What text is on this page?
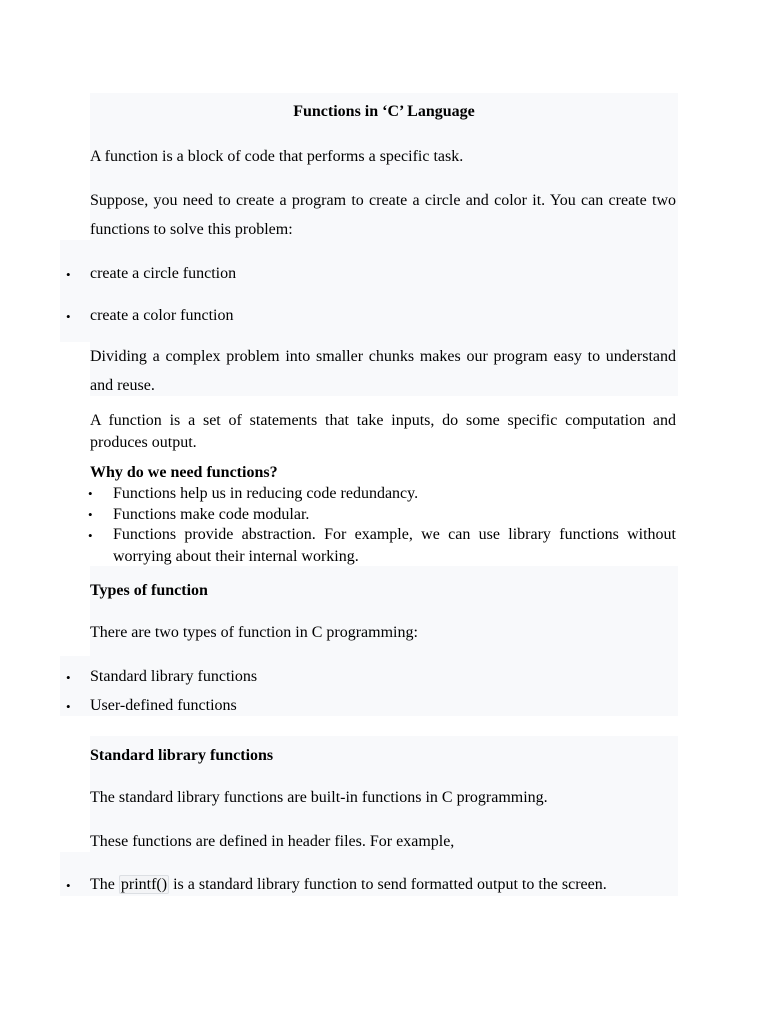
Functions in ‘C’ Language

A function is a block of code that performs a specific task.

Suppose, you need to create a program to create a circle and color it. You can create two functions to solve this problem:

• create a circle function

• create a color function

Dividing a complex problem into smaller chunks makes our program easy to understand and reuse.

A function is a set of statements that take inputs, do some specific computation and produces output.

Why do we need functions?

• Functions help us in reducing code redundancy.

• Functions make code modular.

• Functions provide abstraction. For example, we can use library functions without worrying about their internal working.

Types of function

There are two types of function in C programming:

• Standard library functions

• User-defined functions

Standard library functions

The standard library functions are built-in functions in C programming.

These functions are defined in header files. For example,

• The printf() is a standard library function to send formatted output to the screen.
